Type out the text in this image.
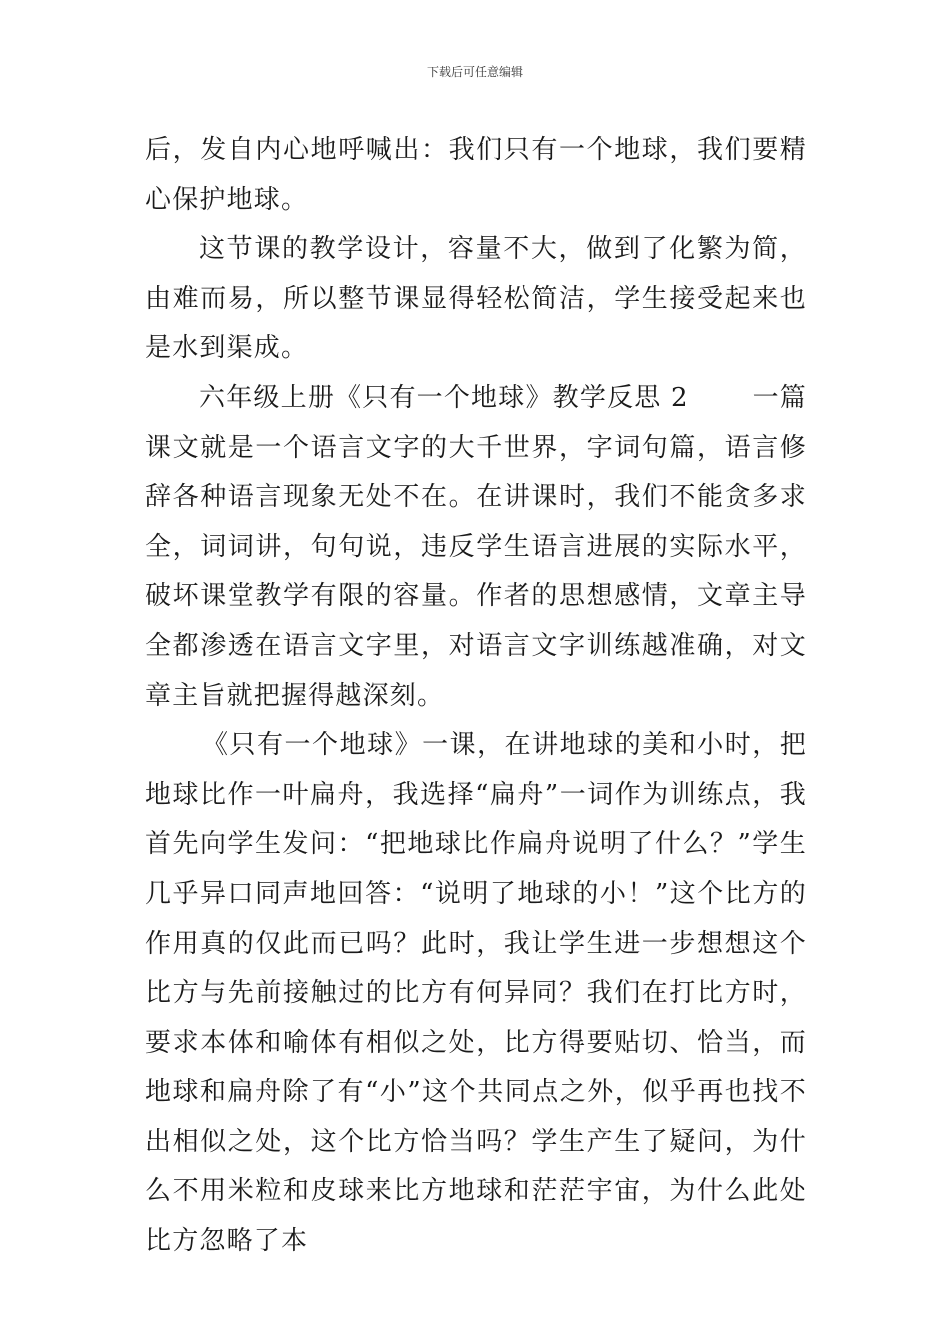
下载后可任意编辑

后，发自内心地呼喊出：我们只有一个地球，我们要精心保护地球。

这节课的教学设计，容量不大，做到了化繁为简，由难而易，所以整节课显得轻松简洁，学生接受起来也是水到渠成。

六年级上册《只有一个地球》教学反思 2 　　一篇课文就是一个语言文字的大千世界，字词句篇，语言修辞各种语言现象无处不在。在讲课时，我们不能贪多求全，词词讲，句句说，违反学生语言进展的实际水平，破坏课堂教学有限的容量。作者的思想感情，文章主导全都渗透在语言文字里，对语言文字训练越准确，对文章主旨就把握得越深刻。

《只有一个地球》一课，在讲地球的美和小时，把地球比作一叶扁舟，我选择“扁舟”一词作为训练点，我首先向学生发问：“把地球比作扁舟说明了什么？”学生几乎异口同声地回答：“说明了地球的小！”这个比方的作用真的仅此而已吗？此时，我让学生进一步想想这个比方与先前接触过的比方有何异同？我们在打比方时，要求本体和喻体有相似之处，比方得要贴切、恰当，而地球和扁舟除了有“小”这个共同点之外，似乎再也找不出相似之处，这个比方恰当吗？学生产生了疑问，为什么不用米粒和皮球来比方地球和茫茫宇宙，为什么此处比方忽略了本
